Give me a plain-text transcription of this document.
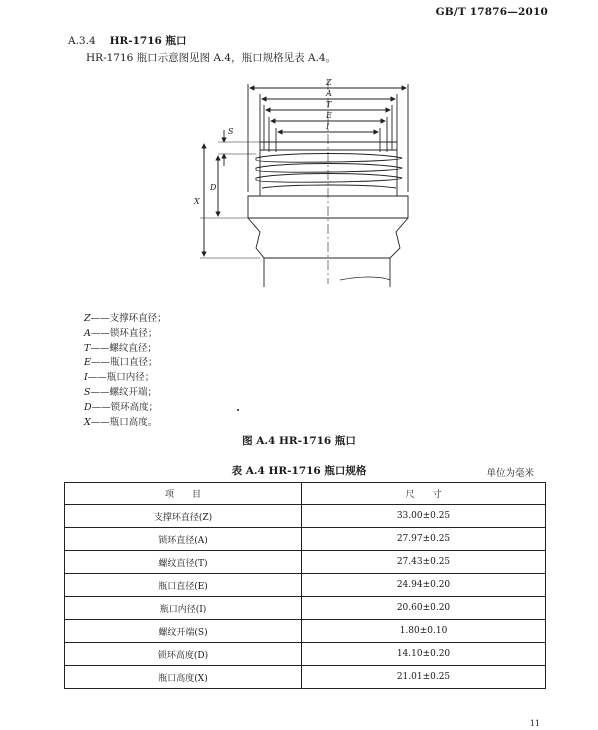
GB/T 17876—2010
A.3.4 HR-1716 瓶口
HR-1716 瓶口示意图见图 A.4，瓶口规格见表 A.4。
Z
A
T
E
I
S
D
X
Z——支撑环直径；
A——锁环直径；
T——螺纹直径；
E——瓶口直径；
I——瓶口内径；
S——螺纹开端；
D——锁环高度；
X——瓶口高度。
图 A.4 HR-1716 瓶口
表 A.4 HR-1716 瓶口规格	单位为毫米
项　　目	尺　　寸
支撑环直径(Z)	33.00±0.25
锁环直径(A)	27.97±0.25
螺纹直径(T)	27.43±0.25
瓶口直径(E)	24.94±0.20
瓶口内径(I)	20.60±0.20
螺纹开端(S)	1.80±0.10
锁环高度(D)	14.10±0.20
瓶口高度(X)	21.01±0.25
11
